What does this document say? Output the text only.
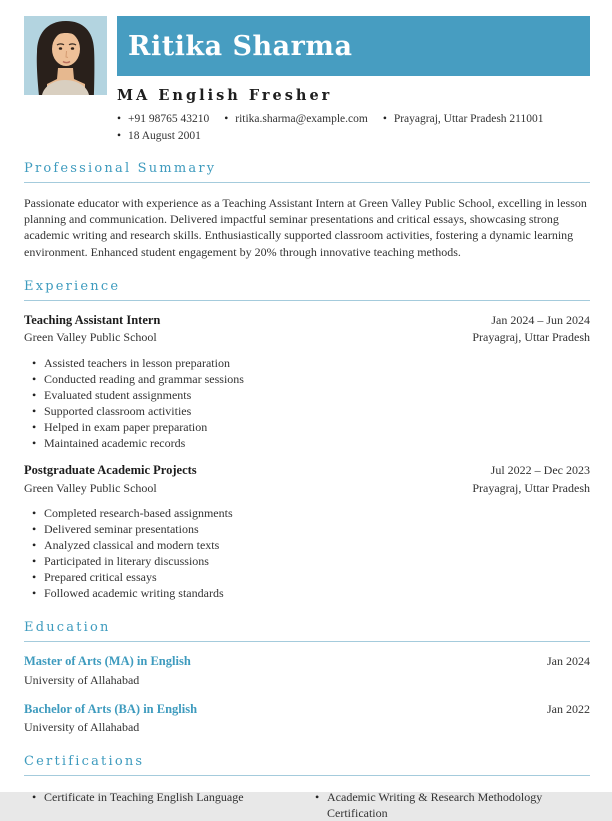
Ritika Sharma
MA English Fresher
• +91 98765 43210 • ritika.sharma@example.com • Prayagraj, Uttar Pradesh 211001
• 18 August 2001
Professional Summary

Passionate educator with experience as a Teaching Assistant Intern at Green Valley Public School, excelling in lesson planning and communication. Delivered impactful seminar presentations and critical essays, showcasing strong academic writing and research skills. Enthusiastically supported classroom activities, fostering a dynamic learning environment. Enhanced student engagement by 20% through innovative teaching methods.

Experience
Teaching Assistant Intern
Green Valley Public School
Jan 2024 – Jun 2024
Prayagraj, Uttar Pradesh
• Assisted teachers in lesson preparation
• Conducted reading and grammar sessions
• Evaluated student assignments
• Supported classroom activities
• Helped in exam paper preparation
• Maintained academic records
Postgraduate Academic Projects
Green Valley Public School
Jul 2022 – Dec 2023
Prayagraj, Uttar Pradesh
• Completed research-based assignments
• Delivered seminar presentations
• Analyzed classical and modern texts
• Participated in literary discussions
• Prepared critical essays
• Followed academic writing standards
Education
Master of Arts (MA) in English
University of Allahabad
Jan 2024
Bachelor of Arts (BA) in English
University of Allahabad
Jan 2022
Certifications
• Certificate in Teaching English Language	• Academic Writing & Research Methodology Certification
